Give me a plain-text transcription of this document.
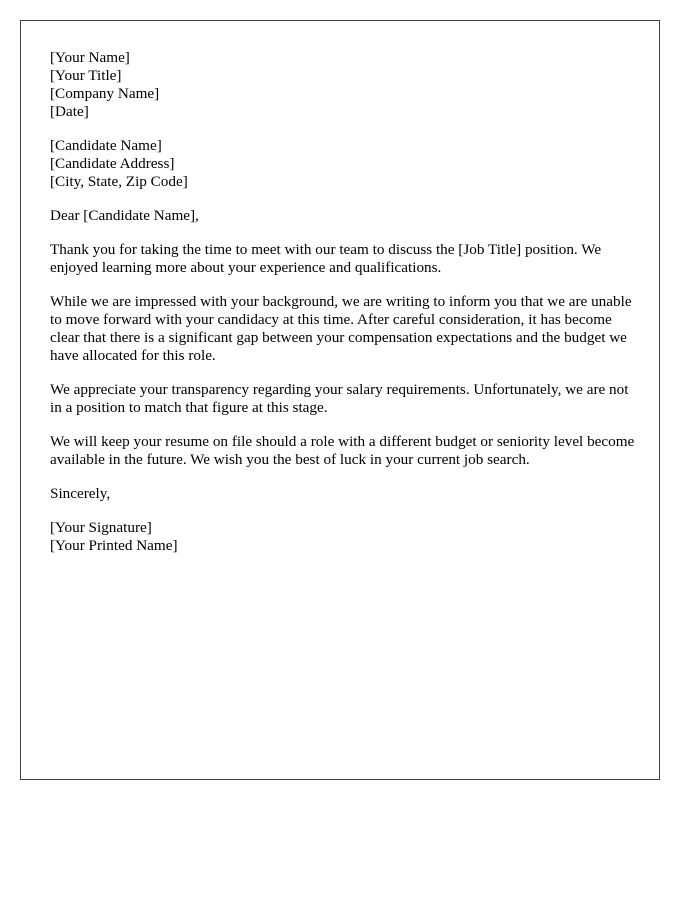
[Your Name]
[Your Title]
[Company Name]
[Date]
[Candidate Name]
[Candidate Address]
[City, State, Zip Code]

Dear [Candidate Name],

Thank you for taking the time to meet with our team to discuss the [Job Title] position. We enjoyed learning more about your experience and qualifications.

While we are impressed with your background, we are writing to inform you that we are unable to move forward with your candidacy at this time. After careful consideration, it has become clear that there is a significant gap between your compensation expectations and the budget we have allocated for this role.

We appreciate your transparency regarding your salary requirements. Unfortunately, we are not in a position to match that figure at this stage.

We will keep your resume on file should a role with a different budget or seniority level become available in the future. We wish you the best of luck in your current job search.

Sincerely,

[Your Signature]
[Your Printed Name]
